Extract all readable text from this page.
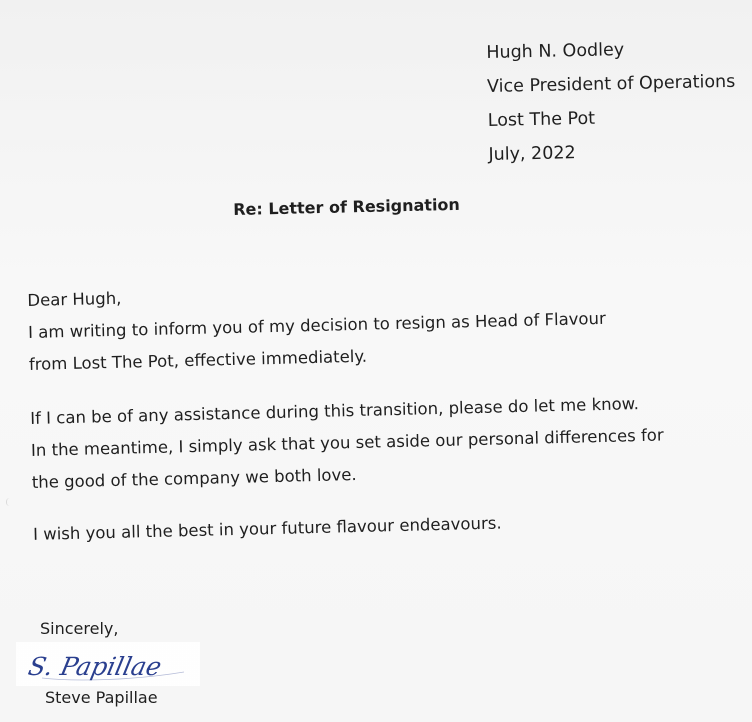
Hugh N. Oodley
Vice President of Operations
Lost The Pot
July, 2022
Re: Letter of Resignation
Dear Hugh,
I am writing to inform you of my decision to resign as Head of Flavour
from Lost The Pot, effective immediately.
If I can be of any assistance during this transition, please do let me know.
In the meantime, I simply ask that you set aside our personal differences for
the good of the company we both love.
I wish you all the best in your future flavour endeavours.
Sincerely,
S. Papillae
Steve Papillae
